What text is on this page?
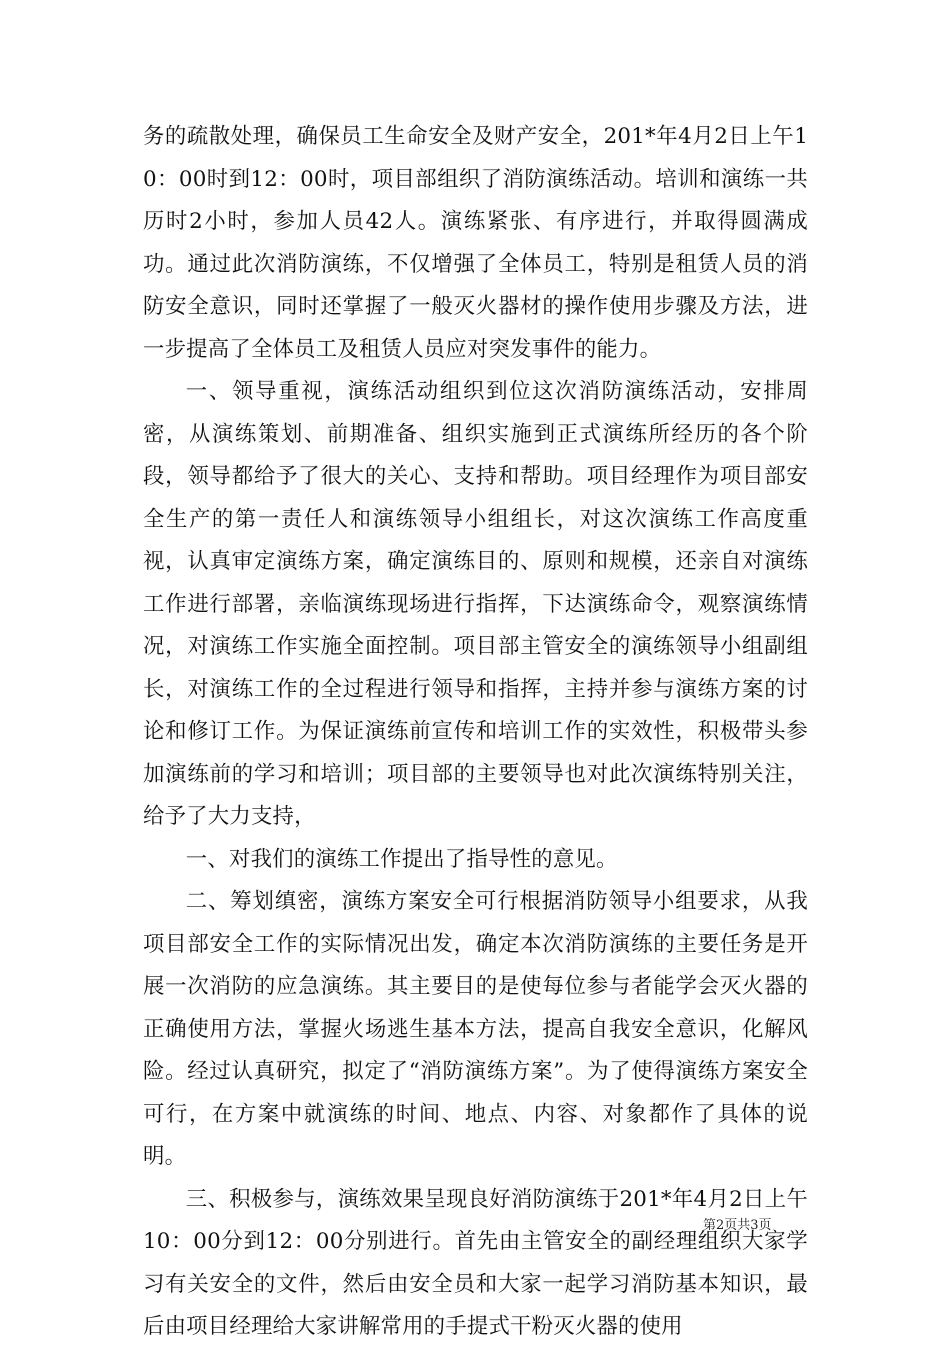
务的疏散处理，确保员工生命安全及财产安全，201*年4月2日上午10：00时到12：00时，项目部组织了消防演练活动。培训和演练一共历时2小时，参加人员42人。演练紧张、有序进行，并取得圆满成功。通过此次消防演练，不仅增强了全体员工，特别是租赁人员的消防安全意识，同时还掌握了一般灭火器材的操作使用步骤及方法，进一步提高了全体员工及租赁人员应对突发事件的能力。

一、领导重视，演练活动组织到位这次消防演练活动，安排周密，从演练策划、前期准备、组织实施到正式演练所经历的各个阶段，领导都给予了很大的关心、支持和帮助。项目经理作为项目部安全生产的第一责任人和演练领导小组组长，对这次演练工作高度重视，认真审定演练方案，确定演练目的、原则和规模，还亲自对演练工作进行部署，亲临演练现场进行指挥，下达演练命令，观察演练情况，对演练工作实施全面控制。项目部主管安全的演练领导小组副组长，对演练工作的全过程进行领导和指挥，主持并参与演练方案的讨论和修订工作。为保证演练前宣传和培训工作的实效性，积极带头参加演练前的学习和培训；项目部的主要领导也对此次演练特别关注，给予了大力支持，

一、对我们的演练工作提出了指导性的意见。

二、筹划缜密，演练方案安全可行根据消防领导小组要求，从我项目部安全工作的实际情况出发，确定本次消防演练的主要任务是开展一次消防的应急演练。其主要目的是使每位参与者能学会灭火器的正确使用方法，掌握火场逃生基本方法，提高自我安全意识，化解风险。经过认真研究，拟定了“消防演练方案”。为了使得演练方案安全可行，在方案中就演练的时间、地点、内容、对象都作了具体的说明。

三、积极参与，演练效果呈现良好消防演练于201*年4月2日上午10：00分到12：00分别进行。首先由主管安全的副经理组织大家学习有关安全的文件，然后由安全员和大家一起学习消防基本知识，最后由项目经理给大家讲解常用的手提式干粉灭火器的使用

第2页共3页
